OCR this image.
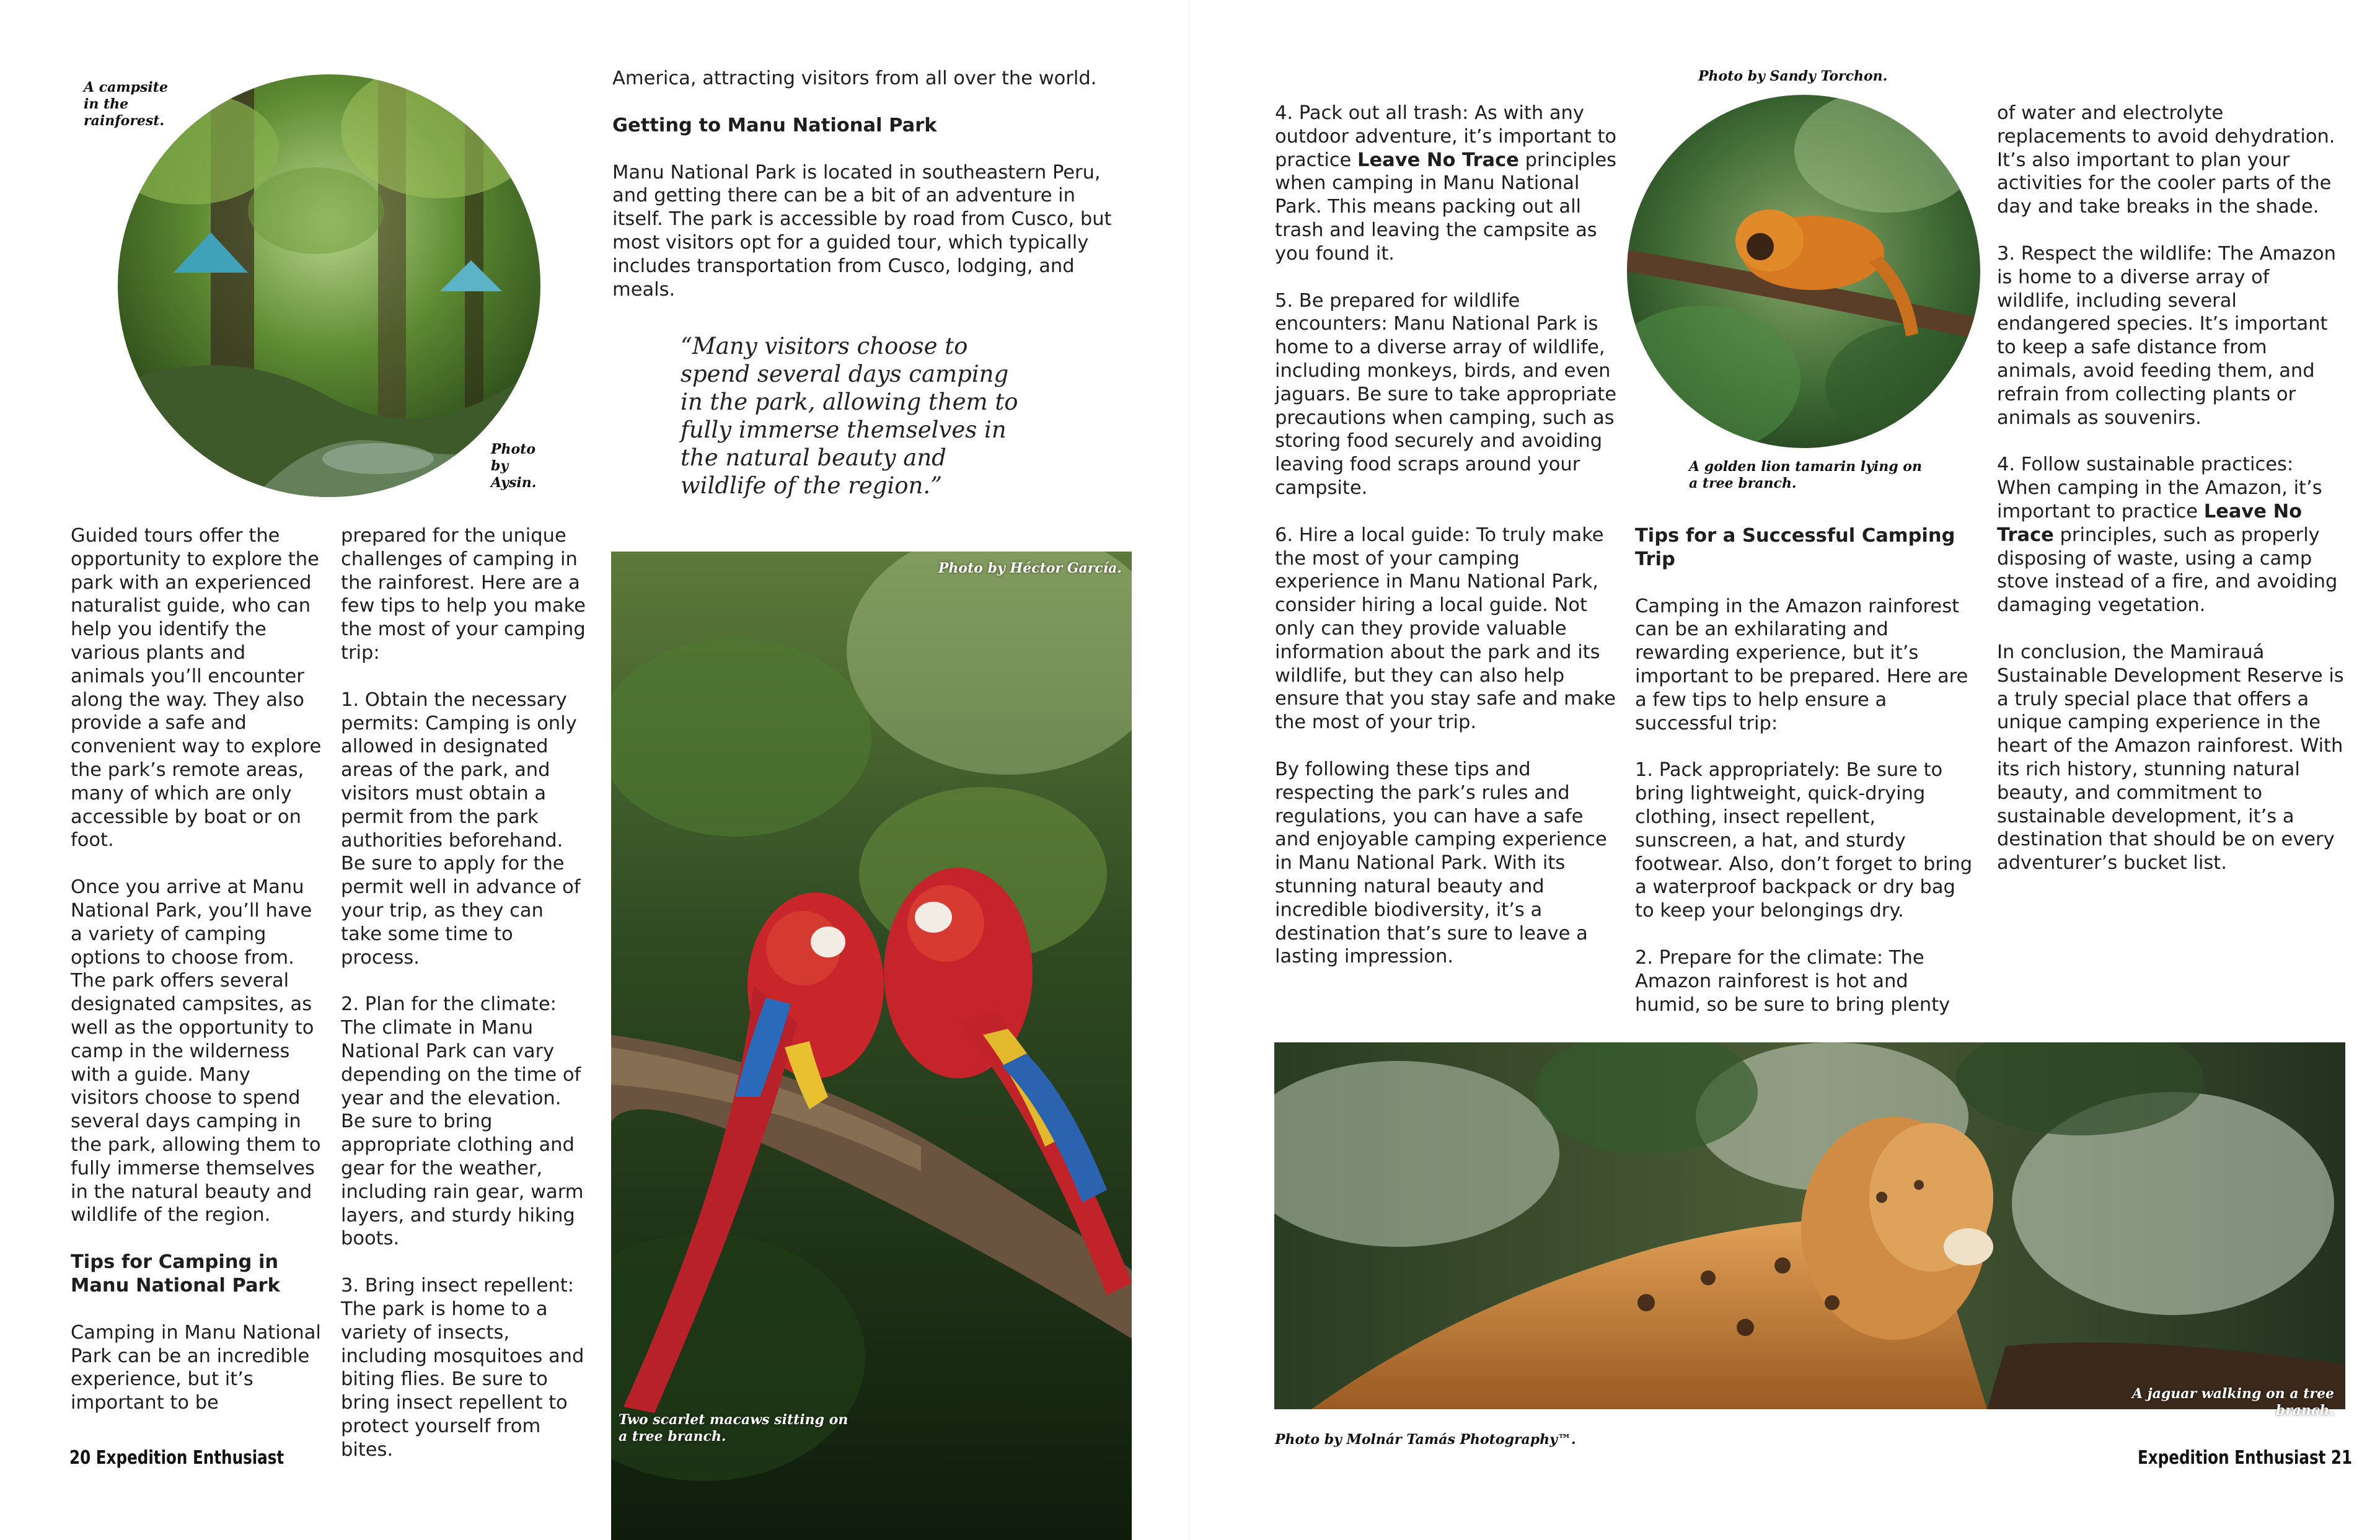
A campsite in the rainforest.
Photo by Aysin.

Guided tours offer the opportunity to explore the park with an experienced naturalist guide, who can help you identify the various plants and animals you’ll encounter along the way. They also provide a safe and convenient way to explore the park’s remote areas, many of which are only accessible by boat or on foot.

Once you arrive at Manu National Park, you’ll have a variety of camping options to choose from. The park offers several designated campsites, as well as the opportunity to camp in the wilderness with a guide. Many visitors choose to spend several days camping in the park, allowing them to fully immerse themselves in the natural beauty and wildlife of the region.

Tips for Camping in Manu National Park

Camping in Manu National Park can be an incredible experience, but it’s important to be

prepared for the unique challenges of camping in the rainforest. Here are a few tips to help you make the most of your camping trip:

1. Obtain the necessary permits: Camping is only allowed in designated areas of the park, and visitors must obtain a permit from the park authorities beforehand. Be sure to apply for the permit well in advance of your trip, as they can take some time to process.

2. Plan for the climate: The climate in Manu National Park can vary depending on the time of year and the elevation. Be sure to bring appropriate clothing and gear for the weather, including rain gear, warm layers, and sturdy hiking boots.

3. Bring insect repellent: The park is home to a variety of insects, including mosquitoes and biting flies. Be sure to bring insect repellent to protect yourself from bites.

America, attracting visitors from all over the world.

Getting to Manu National Park

Manu National Park is located in southeastern Peru, and getting there can be a bit of an adventure in itself. The park is accessible by road from Cusco, but most visitors opt for a guided tour, which typically includes transportation from Cusco, lodging, and meals.

“Many visitors choose to spend several days camping in the park, allowing them to fully immerse themselves in the natural beauty and wildlife of the region.”
Photo by Héctor García.
Two scarlet macaws sitting on a tree branch.
20 Expedition Enthusiast

4. Pack out all trash: As with any outdoor adventure, it’s important to practice Leave No Trace principles when camping in Manu National Park. This means packing out all trash and leaving the campsite as you found it.

5. Be prepared for wildlife encounters: Manu National Park is home to a diverse array of wildlife, including monkeys, birds, and even jaguars. Be sure to take appropriate precautions when camping, such as storing food securely and avoiding leaving food scraps around your campsite.

6. Hire a local guide: To truly make the most of your camping experience in Manu National Park, consider hiring a local guide. Not only can they provide valuable information about the park and its wildlife, but they can also help ensure that you stay safe and make the most of your trip.

By following these tips and respecting the park’s rules and regulations, you can have a safe and enjoyable camping experience in Manu National Park. With its stunning natural beauty and incredible biodiversity, it’s a destination that’s sure to leave a lasting impression.

Photo by Sandy Torchon.
A golden lion tamarin lying on a tree branch.
Tips for a Successful Camping Trip

Camping in the Amazon rainforest can be an exhilarating and rewarding experience, but it’s important to be prepared. Here are a few tips to help ensure a successful trip:

1. Pack appropriately: Be sure to bring lightweight, quick-drying clothing, insect repellent, sunscreen, a hat, and sturdy footwear. Also, don’t forget to bring a waterproof backpack or dry bag to keep your belongings dry.

2. Prepare for the climate: The Amazon rainforest is hot and humid, so be sure to bring plenty

of water and electrolyte replacements to avoid dehydration. It’s also important to plan your activities for the cooler parts of the day and take breaks in the shade.

3. Respect the wildlife: The Amazon is home to a diverse array of wildlife, including several endangered species. It’s important to keep a safe distance from animals, avoid feeding them, and refrain from collecting plants or animals as souvenirs.

4. Follow sustainable practices: When camping in the Amazon, it’s important to practice Leave No Trace principles, such as properly disposing of waste, using a camp stove instead of a fire, and avoiding damaging vegetation.

In conclusion, the Mamirauá Sustainable Development Reserve is a truly special place that offers a unique camping experience in the heart of the Amazon rainforest. With its rich history, stunning natural beauty, and commitment to sustainable development, it’s a destination that should be on every adventurer’s bucket list.

A jaguar walking on a tree branch.
Photo by Molnár Tamás Photography™.
Expedition Enthusiast 21
